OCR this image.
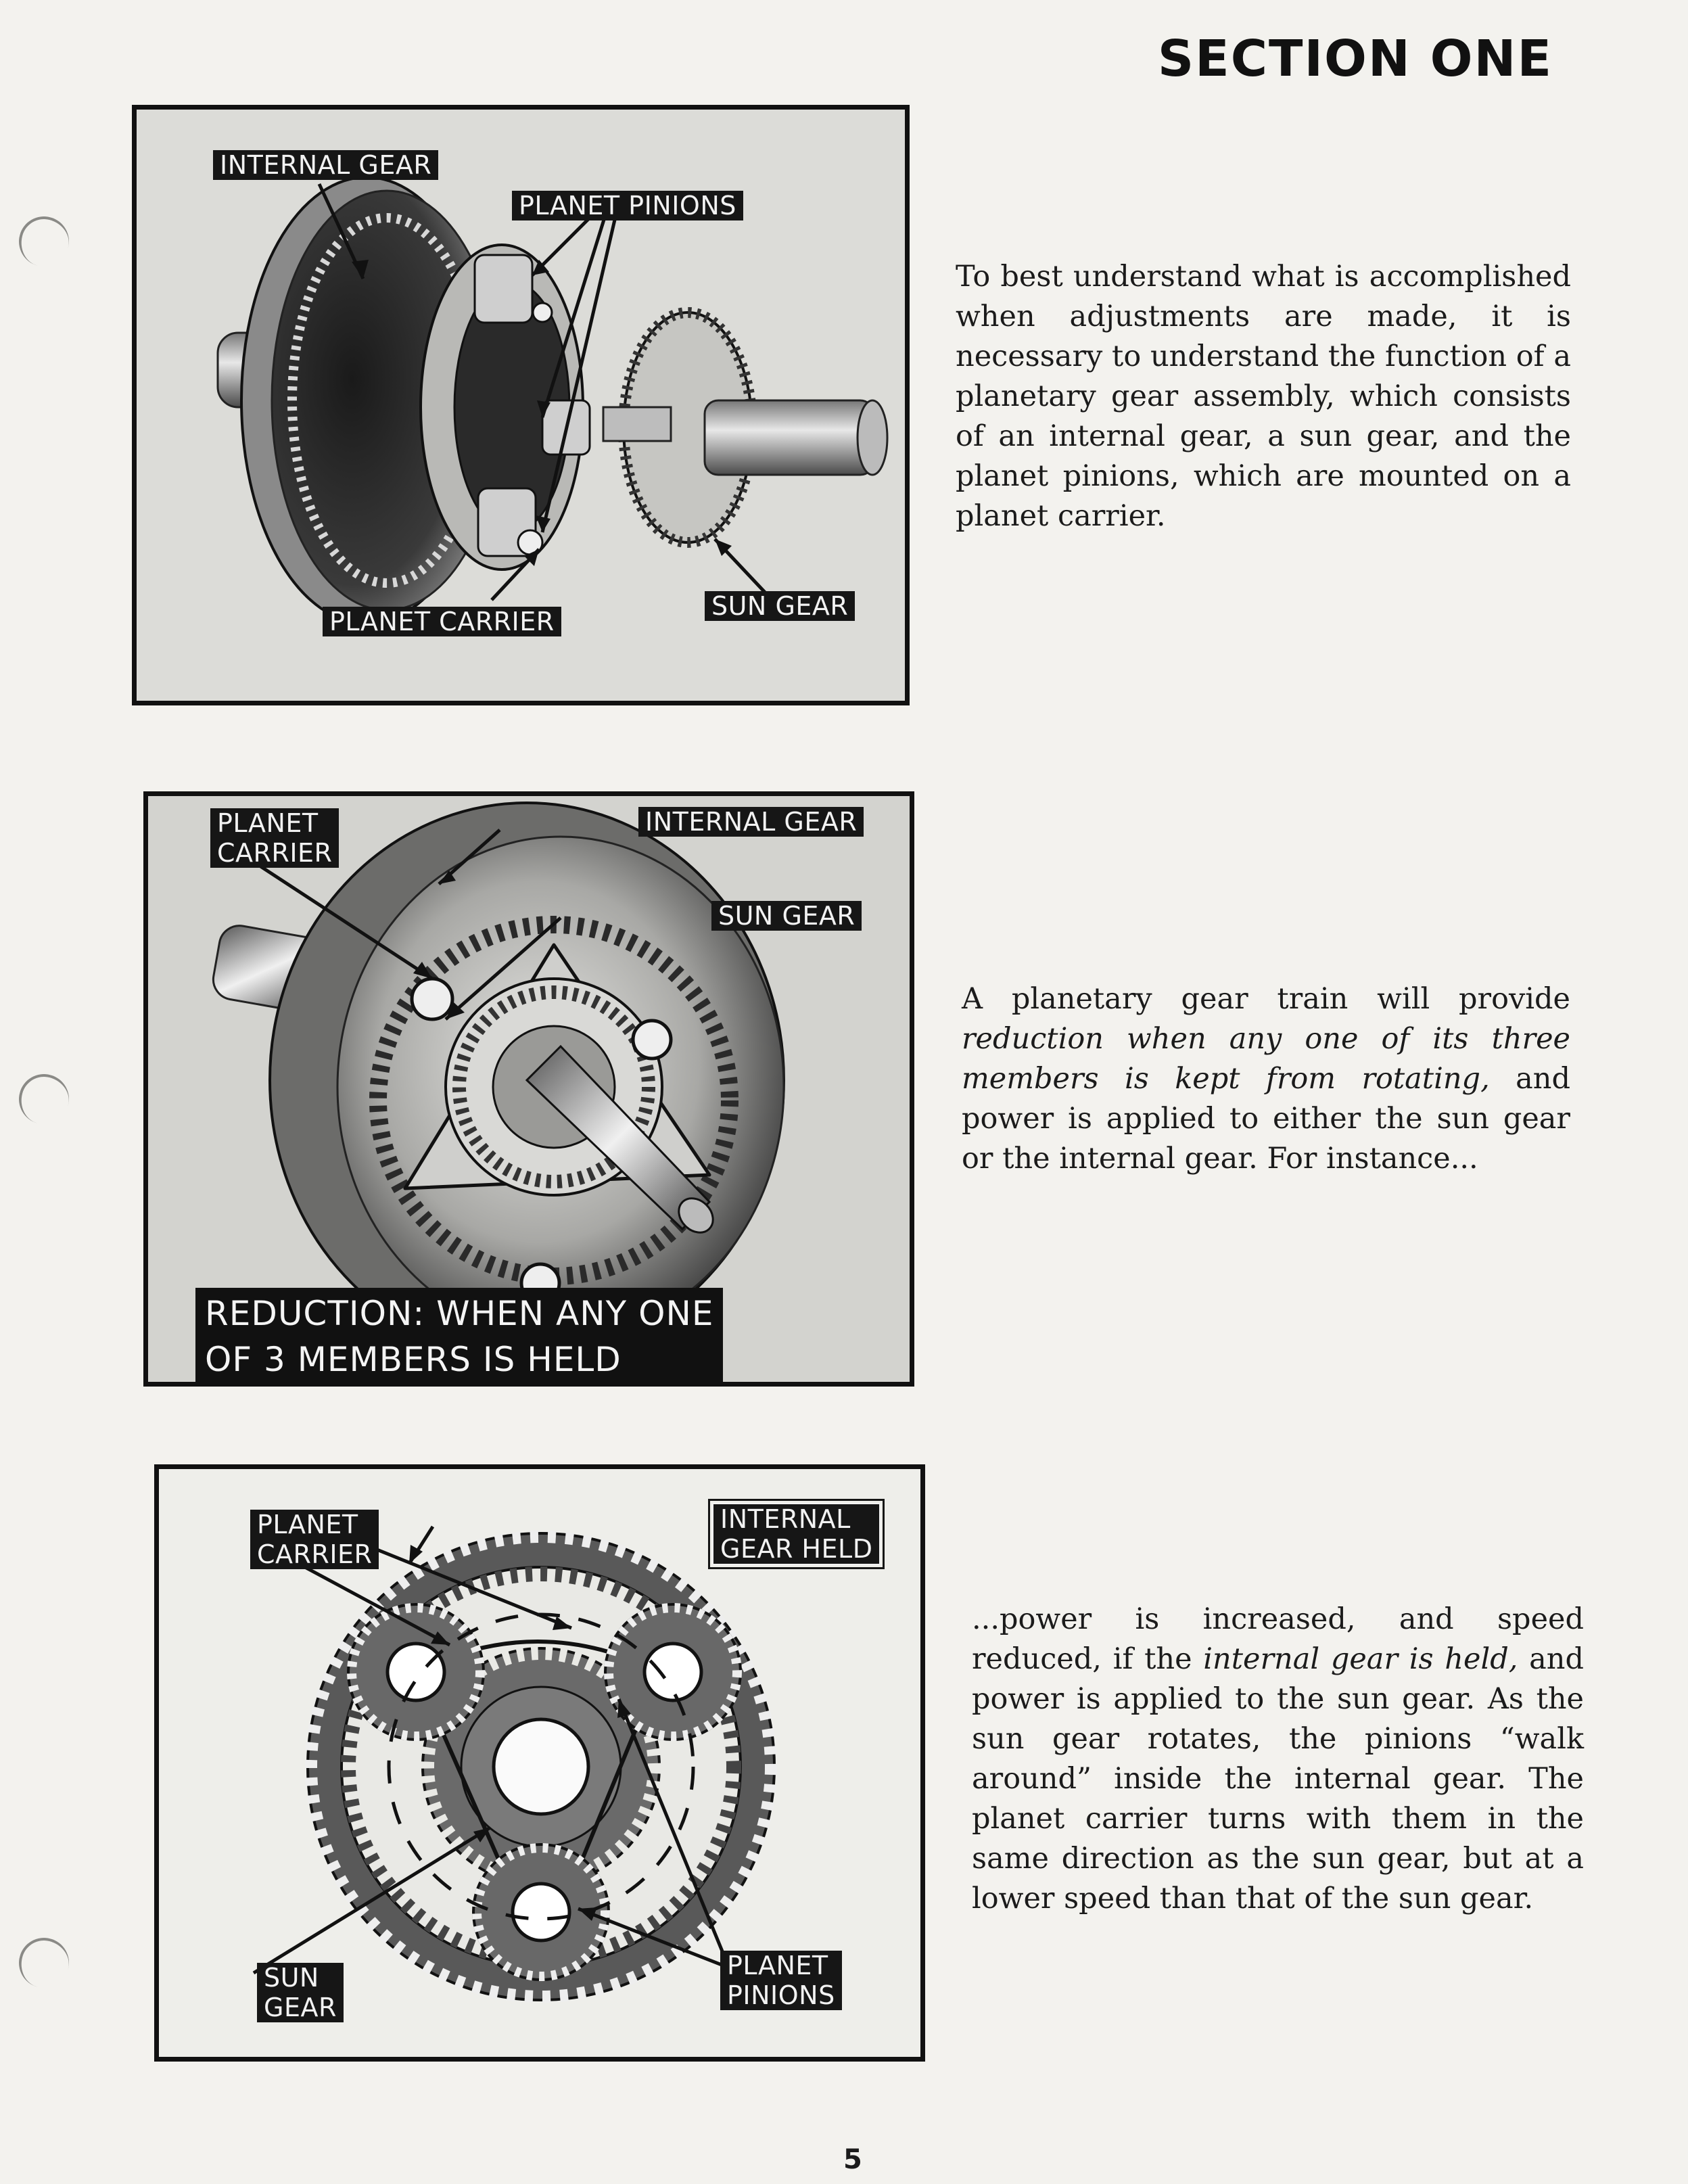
SECTION ONE
INTERNAL GEAR
PLANET PINIONS
PLANET CARRIER
SUN GEAR
PLANET
CARRIER
INTERNAL GEAR
SUN GEAR
REDUCTION: WHEN ANY ONE
OF 3 MEMBERS IS HELD
PLANET
CARRIER
INTERNAL
GEAR HELD
SUN
GEAR
PLANET
PINIONS

To best understand what is accomplished when adjustments are made, it is necessary to understand the function of a planetary gear assembly, which consists of an internal gear, a sun gear, and the planet pinions, which are mounted on a planet carrier.

A planetary gear train will provide reduction when any one of its three members is kept from rotating, and power is applied to either the sun gear or the internal gear. For instance...

...power is increased, and speed reduced, if the internal gear is held, and power is applied to the sun gear. As the sun gear rotates, the pinions “walk around” inside the internal gear. The planet carrier turns with them in the same direction as the sun gear, but at a lower speed than that of the sun gear.

5
